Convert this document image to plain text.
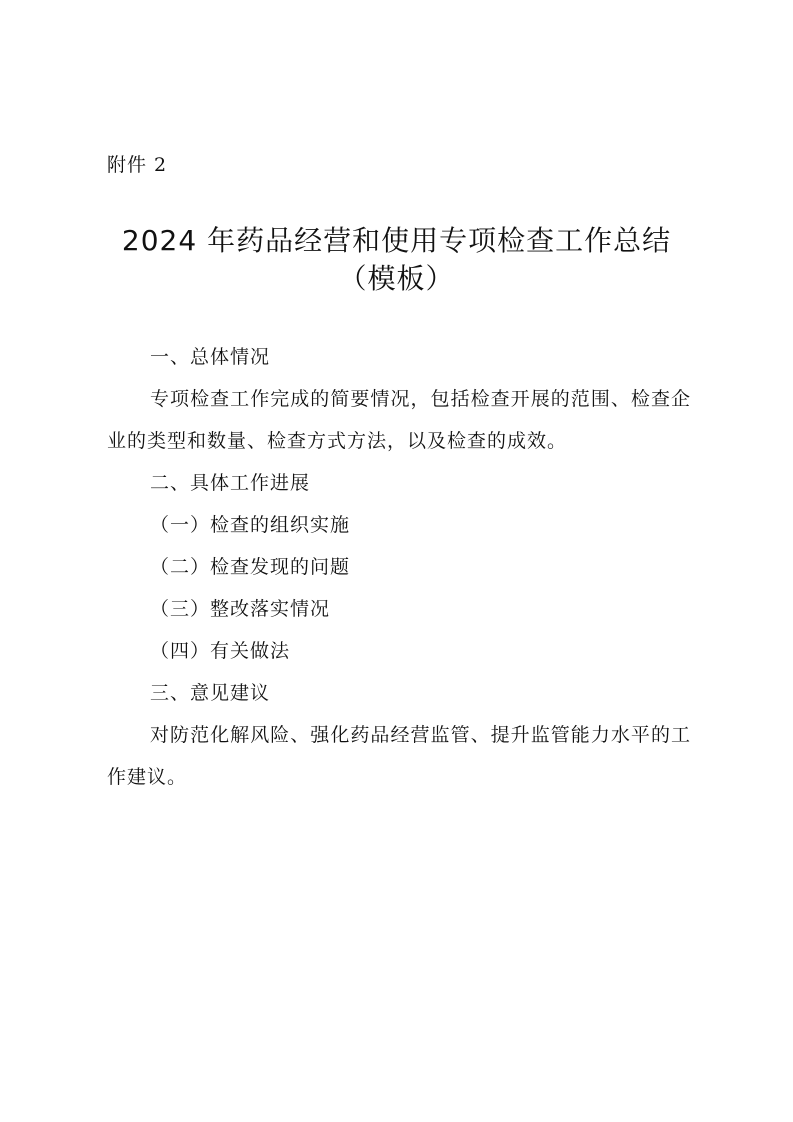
附件 2
2024 年药品经营和使用专项检查工作总结
（模板）

一、总体情况

专项检查工作完成的简要情况，包括检查开展的范围、检查企业的类型和数量、检查方式方法，以及检查的成效。

二、具体工作进展

（一）检查的组织实施

（二）检查发现的问题

（三）整改落实情况

（四）有关做法

三、意见建议

对防范化解风险、强化药品经营监管、提升监管能力水平的工作建议。
